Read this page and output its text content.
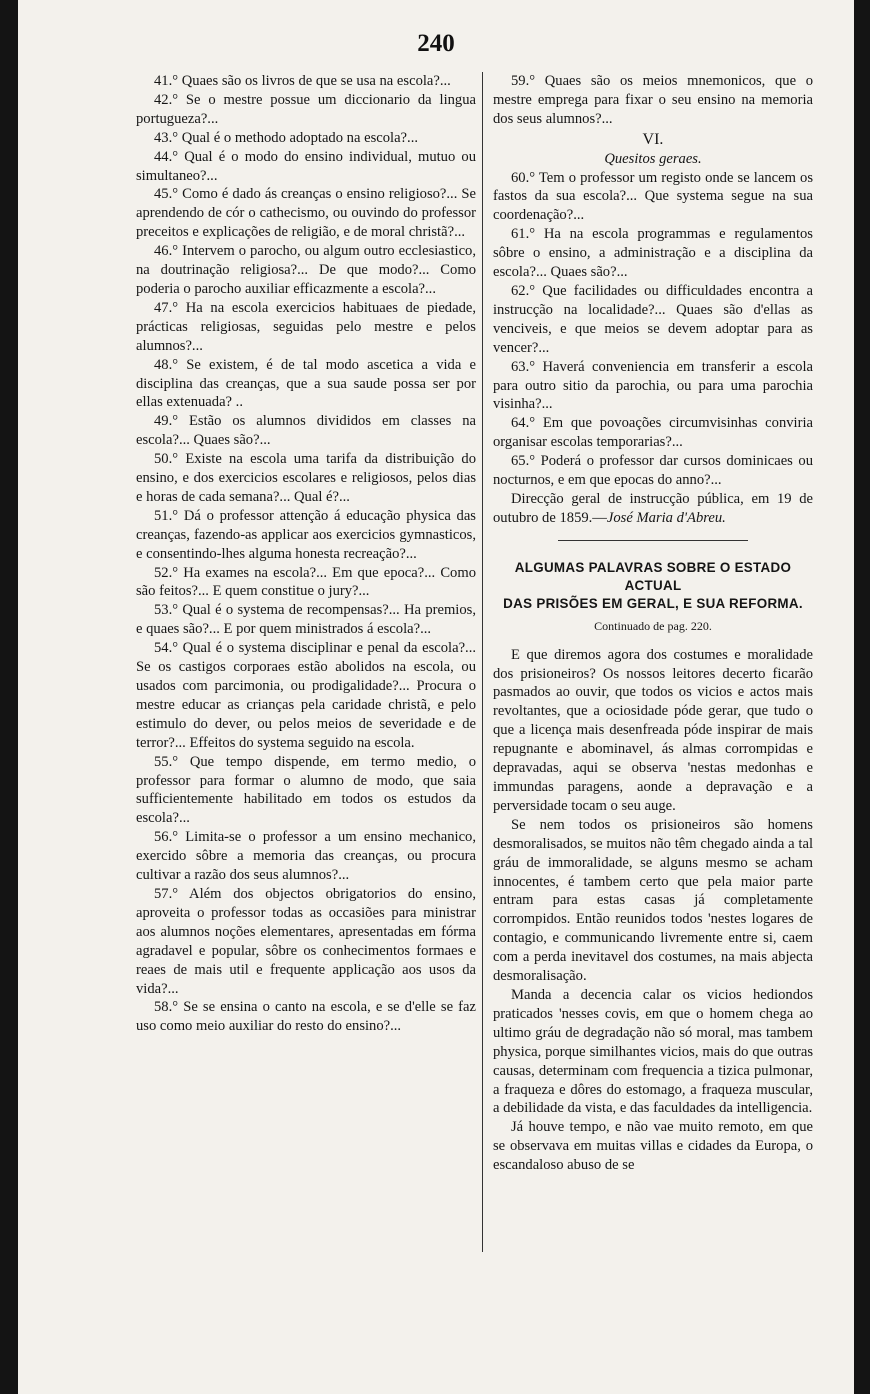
240

41.° Quaes são os livros de que se usa na escola?...

42.° Se o mestre possue um diccionario da lingua portugueza?...

43.° Qual é o methodo adoptado na escola?...

44.° Qual é o modo do ensino individual, mutuo ou simultaneo?...

45.° Como é dado ás creanças o ensino religioso?... Se aprendendo de cór o cathecismo, ou ouvindo do professor preceitos e explicações de religião, e de moral christã?...

46.° Intervem o parocho, ou algum outro ecclesiastico, na doutrinação religiosa?... De que modo?... Como poderia o parocho auxiliar efficazmente a escola?...

47.° Ha na escola exercicios habituaes de piedade, prácticas religiosas, seguidas pelo mestre e pelos alumnos?...

48.° Se existem, é de tal modo ascetica a vida e disciplina das creanças, que a sua saude possa ser por ellas extenuada? ..

49.° Estão os alumnos divididos em classes na escola?... Quaes são?...

50.° Existe na escola uma tarifa da distribuição do ensino, e dos exercicios escolares e religiosos, pelos dias e horas de cada semana?... Qual é?...

51.° Dá o professor attenção á educação physica das creanças, fazendo-as applicar aos exercicios gymnasticos, e consentindo-lhes alguma honesta recreação?...

52.° Ha exames na escola?... Em que epoca?... Como são feitos?... E quem constitue o jury?...

53.° Qual é o systema de recompensas?... Ha premios, e quaes são?... E por quem ministrados á escola?...

54.° Qual é o systema disciplinar e penal da escola?... Se os castigos corporaes estão abolidos na escola, ou usados com parcimonia, ou prodigalidade?... Procura o mestre educar as crianças pela caridade christã, e pelo estimulo do dever, ou pelos meios de severidade e de terror?... Effeitos do systema seguido na escola.

55.° Que tempo dispende, em termo medio, o professor para formar o alumno de modo, que saia sufficientemente habilitado em todos os estudos da escola?...

56.° Limita-se o professor a um ensino mechanico, exercido sôbre a memoria das creanças, ou procura cultivar a razão dos seus alumnos?...

57.° Além dos objectos obrigatorios do ensino, aproveita o professor todas as occasiões para ministrar aos alumnos noções elementares, apresentadas em fórma agradavel e popular, sôbre os conhecimentos formaes e reaes de mais util e frequente applicação aos usos da vida?...

58.° Se se ensina o canto na escola, e se d'elle se faz uso como meio auxiliar do resto do ensino?...

59.° Quaes são os meios mnemonicos, que o mestre emprega para fixar o seu ensino na memoria dos seus alumnos?...

VI.

Quesitos geraes.

60.° Tem o professor um registo onde se lancem os fastos da sua escola?... Que systema segue na sua coordenação?...

61.° Ha na escola programmas e regulamentos sôbre o ensino, a administração e a disciplina da escola?... Quaes são?...

62.° Que facilidades ou difficuldades encontra a instrucção na localidade?... Quaes são d'ellas as venciveis, e que meios se devem adoptar para as vencer?...

63.° Haverá conveniencia em transferir a escola para outro sitio da parochia, ou para uma parochia visinha?...

64.° Em que povoações circumvisinhas conviria organisar escolas temporarias?...

65.° Poderá o professor dar cursos dominicaes ou nocturnos, e em que epocas do anno?...

Direcção geral de instrucção pública, em 19 de outubro de 1859.—José Maria d'Abreu.

ALGUMAS PALAVRAS SOBRE O ESTADO ACTUAL

DAS PRISÕES EM GERAL, E SUA REFORMA.

Continuado de pag. 220.

E que diremos agora dos costumes e moralidade dos prisioneiros? Os nossos leitores decerto ficarão pasmados ao ouvir, que todos os vicios e actos mais revoltantes, que a ociosidade póde gerar, que tudo o que a licença mais desenfreada póde inspirar de mais repugnante e abominavel, ás almas corrompidas e depravadas, aqui se observa 'nestas medonhas e immundas paragens, aonde a depravação e a perversidade tocam o seu auge.

Se nem todos os prisioneiros são homens desmoralisados, se muitos não têm chegado ainda a tal gráu de immoralidade, se alguns mesmo se acham innocentes, é tambem certo que pela maior parte entram para estas casas já completamente corrompidos. Então reunidos todos 'nestes logares de contagio, e communicando livremente entre si, caem com a perda inevitavel dos costumes, na mais abjecta desmoralisação.

Manda a decencia calar os vicios hediondos praticados 'nesses covis, em que o homem chega ao ultimo gráu de degradação não só moral, mas tambem physica, porque similhantes vicios, mais do que outras causas, determinam com frequencia a tizica pulmonar, a fraqueza e dôres do estomago, a fraqueza muscular, a debilidade da vista, e das faculdades da intelligencia.

Já houve tempo, e não vae muito remoto, em que se observava em muitas villas e cidades da Europa, o escandaloso abuso de se
